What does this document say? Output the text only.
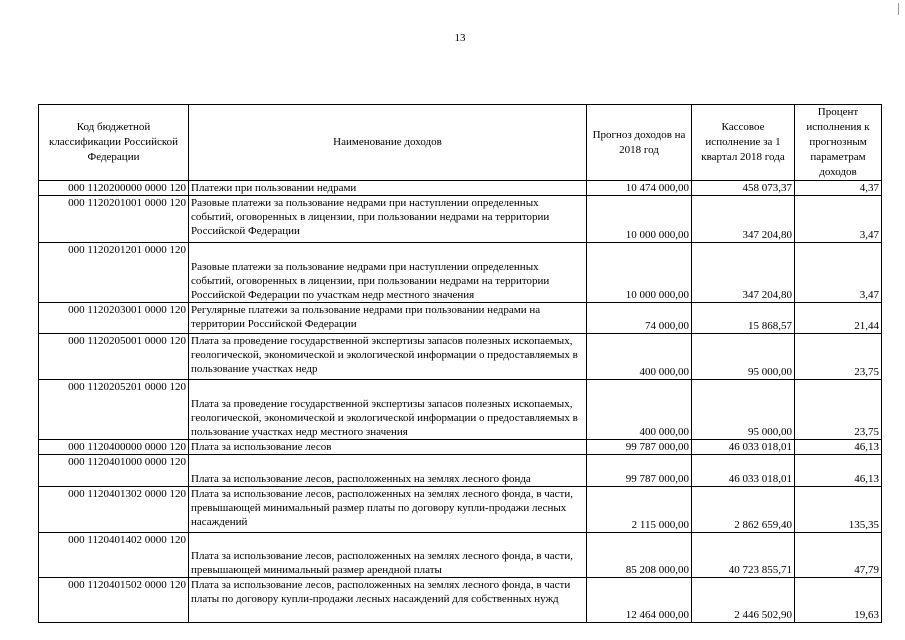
13
Код бюджетной классификации Российской Федерации	Наименование доходов	Прогноз доходов на 2018 год	Кассовое исполнение за 1 квартал 2018 года	Процент исполнения к прогнозным параметрам доходов
000 1120200000 0000 120	Платежи при пользовании недрами	10 474 000,00	458 073,37	4,37
000 1120201001 0000 120	Разовые платежи за пользование недрами при наступлении определенных событий, оговоренных в лицензии, при пользовании недрами на территории Российской Федерации	10 000 000,00	347 204,80	3,47
000 1120201201 0000 120	Разовые платежи за пользование недрами при наступлении определенных событий, оговоренных в лицензии, при пользовании недрами на территории Российской Федерации по участкам недр местного значения	10 000 000,00	347 204,80	3,47
000 1120203001 0000 120	Регулярные платежи за пользование недрами при пользовании недрами на территории Российской Федерации	74 000,00	15 868,57	21,44
000 1120205001 0000 120	Плата за проведение государственной экспертизы запасов полезных ископаемых, геологической, экономической и экологической информации о предоставляемых в пользование участках недр	400 000,00	95 000,00	23,75
000 1120205201 0000 120	Плата за проведение государственной экспертизы запасов полезных ископаемых, геологической, экономической и экологической информации о предоставляемых в пользование участках недр местного значения	400 000,00	95 000,00	23,75
000 1120400000 0000 120	Плата за использование лесов	99 787 000,00	46 033 018,01	46,13
000 1120401000 0000 120	Плата за использование лесов, расположенных на землях лесного фонда	99 787 000,00	46 033 018,01	46,13
000 1120401302 0000 120	Плата за использование лесов, расположенных на землях лесного фонда, в части, превышающей минимальный размер платы по договору купли-продажи лесных насаждений	2 115 000,00	2 862 659,40	135,35
000 1120401402 0000 120	Плата за использование лесов, расположенных на землях лесного фонда, в части, превышающей минимальный размер арендной платы	85 208 000,00	40 723 855,71	47,79
000 1120401502 0000 120	Плата за использование лесов, расположенных на землях лесного фонда, в части платы по договору купли-продажи лесных насаждений для собственных нужд	12 464 000,00	2 446 502,90	19,63
